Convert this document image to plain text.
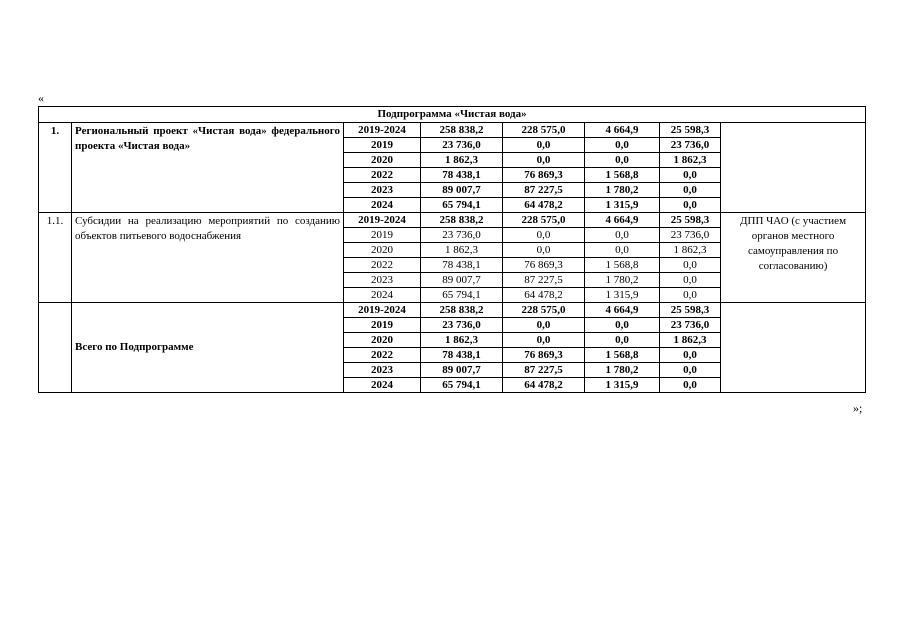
«
Подпрограмма «Чистая вода»							
1.	Региональный проект «Чистая вода» федерального проекта «Чистая вода»	2019-2024	258 838,2	228 575,0	4 664,9	25 598,3	
		2019	23 736,0	0,0	0,0	23 736,0	
		2020	1 862,3	0,0	0,0	1 862,3	
		2022	78 438,1	76 869,3	1 568,8	0,0	
		2023	89 007,7	87 227,5	1 780,2	0,0	
		2024	65 794,1	64 478,2	1 315,9	0,0	
1.1.	Субсидии на реализацию мероприятий по созданию объектов питьевого водоснабжения	2019-2024	258 838,2	228 575,0	4 664,9	25 598,3	ДПП ЧАО (с участием органов местного самоуправления по согласованию)
		2019	23 736,0	0,0	0,0	23 736,0	
		2020	1 862,3	0,0	0,0	1 862,3	
		2022	78 438,1	76 869,3	1 568,8	0,0	
		2023	89 007,7	87 227,5	1 780,2	0,0	
		2024	65 794,1	64 478,2	1 315,9	0,0	
	Всего по Подпрограмме	2019-2024	258 838,2	228 575,0	4 664,9	25 598,3	
		2019	23 736,0	0,0	0,0	23 736,0	
		2020	1 862,3	0,0	0,0	1 862,3	
		2022	78 438,1	76 869,3	1 568,8	0,0	
		2023	89 007,7	87 227,5	1 780,2	0,0	
		2024	65 794,1	64 478,2	1 315,9	0,0	
»;
